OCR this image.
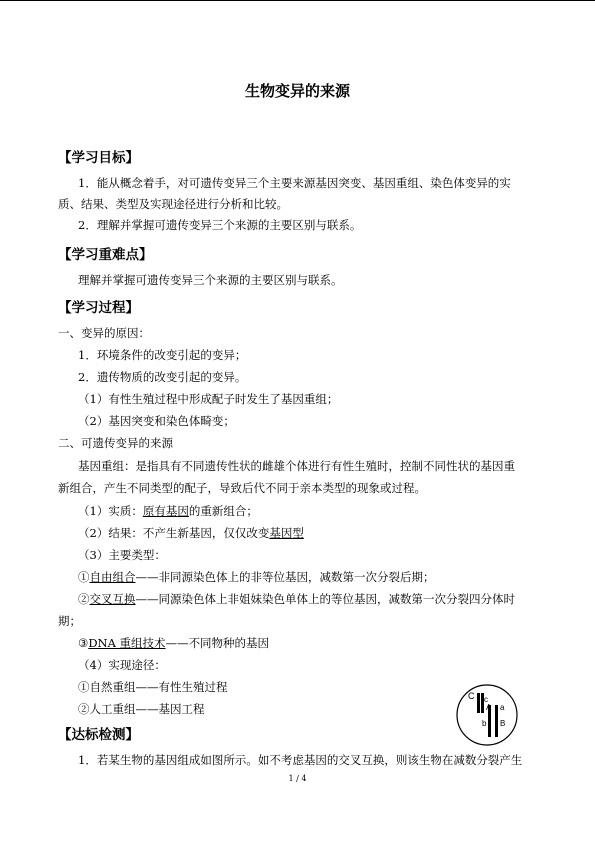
生物变异的来源
【学习目标】
1．能从概念着手，对可遗传变异三个主要来源基因突变、基因重组、染色体变异的实
质、结果、类型及实现途径进行分析和比较。
2．理解并掌握可遗传变异三个来源的主要区别与联系。
【学习重难点】
理解并掌握可遗传变异三个来源的主要区别与联系。
【学习过程】
一、变异的原因：
1．环境条件的改变引起的变异；
2．遗传物质的改变引起的变异。
（1）有性生殖过程中形成配子时发生了基因重组；
（2）基因突变和染色体畸变；
二、可遗传变异的来源
基因重组：是指具有不同遗传性状的雌雄个体进行有性生殖时，控制不同性状的基因重
新组合，产生不同类型的配子，导致后代不同于亲本类型的现象或过程。
（1）实质：原有基因的重新组合；
（2）结果：不产生新基因，仅仅改变基因型
（3）主要类型：
①自由组合——非同源染色体上的非等位基因，减数第一次分裂后期；
②交叉互换——同源染色体上非姐妹染色单体上的等位基因，减数第一次分裂四分体时
期；
③DNA 重组技术——不同物种的基因
（4）实现途径：
①自然重组——有性生殖过程
②人工重组——基因工程
【达标检测】
1．若某生物的基因组成如图所示。如不考虑基因的交叉互换，则该生物在减数分裂产生
C c
A a
b B
1 / 4
